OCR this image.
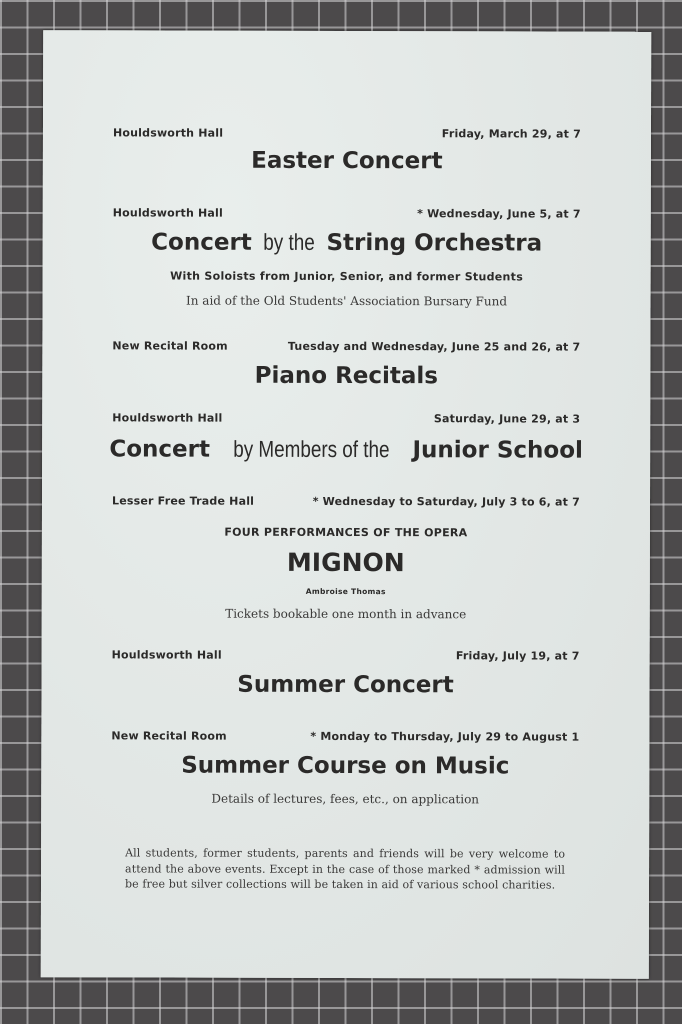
Houldsworth Hall	Friday, March 29, at 7
Easter Concert
Houldsworth Hall	* Wednesday, June 5, at 7
Concert by the String Orchestra
With Soloists from Junior, Senior, and former Students
In aid of the Old Students' Association Bursary Fund
New Recital Room	Tuesday and Wednesday, June 25 and 26, at 7
Piano Recitals
Houldsworth Hall	Saturday, June 29, at 3
Concert by Members of the Junior School
Lesser Free Trade Hall	* Wednesday to Saturday, July 3 to 6, at 7
FOUR PERFORMANCES OF THE OPERA
MIGNON
Ambroise Thomas
Tickets bookable one month in advance
Houldsworth Hall	Friday, July 19, at 7
Summer Concert
New Recital Room	* Monday to Thursday, July 29 to August 1
Summer Course on Music
Details of lectures, fees, etc., on application
All students, former students, parents and friends will be very welcome to attend the above events. Except in the case of those marked * admission will be free but silver collections will be taken in aid of various school charities.
